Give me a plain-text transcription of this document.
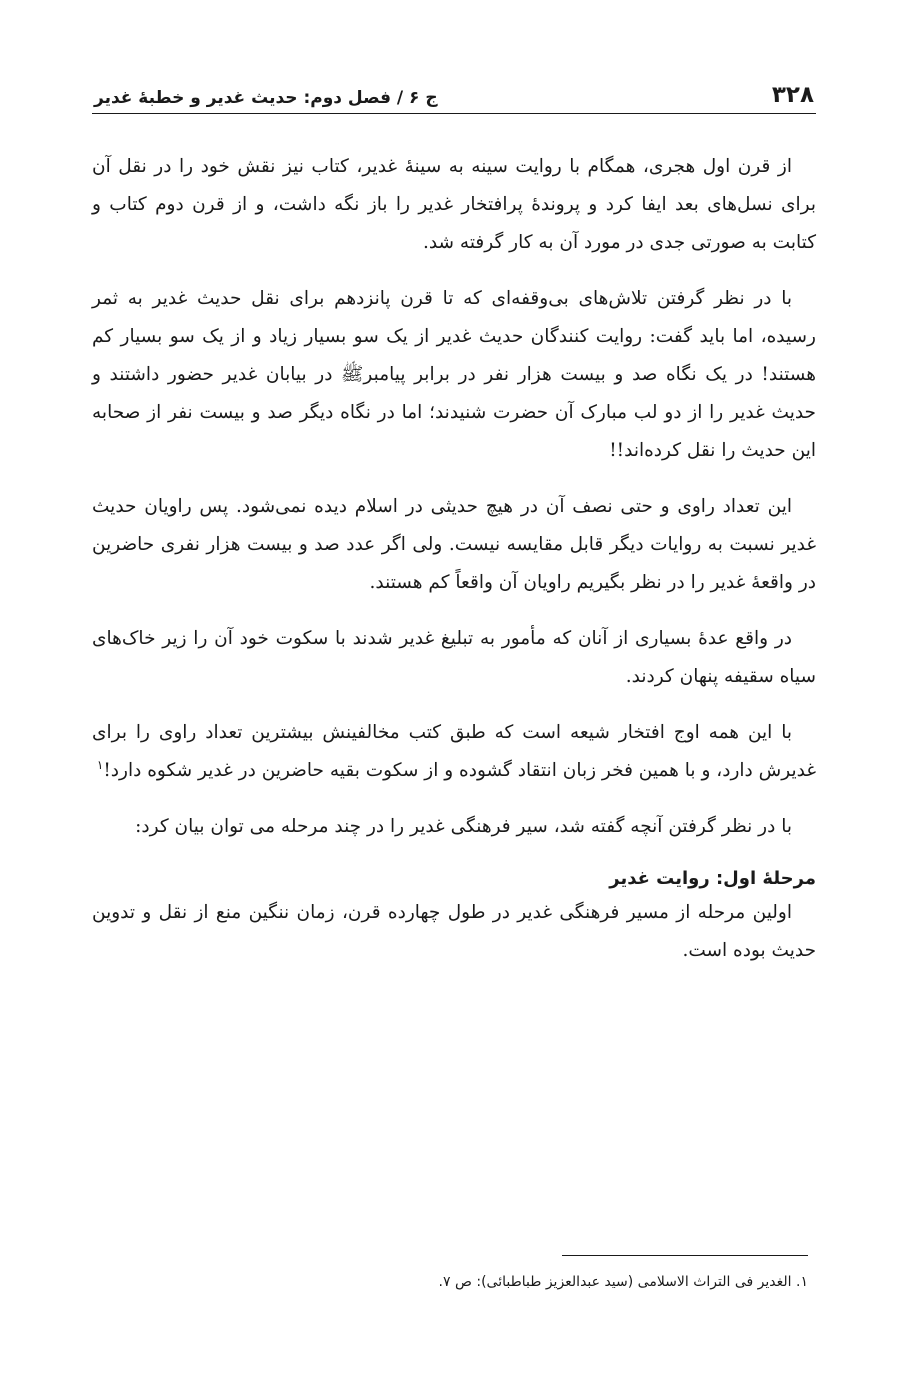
۳۲۸
ج ۶ / فصل دوم: حدیث غدیر و خطبهٔ غدیر

از قرن اول هجری، همگام با روایت سینه به سینهٔ غدیر، کتاب نیز نقش خود را در نقل آن برای نسل‌های بعد ایفا کرد و پروندهٔ پرافتخار غدیر را باز نگه داشت، و از قرن دوم کتاب و کتابت به صورتی جدی در مورد آن به کار گرفته شد.

با در نظر گرفتن تلاش‌های بی‌وقفه‌ای که تا قرن پانزدهم برای نقل حدیث غدیر به ثمر رسیده، اما باید گفت: روایت کنندگان حدیث غدیر از یک سو بسیار زیاد و از یک سو بسیار کم هستند! در یک نگاه صد و بیست هزار نفر در برابر پیامبرﷺ در بیابان غدیر حضور داشتند و حدیث غدیر را از دو لب مبارک آن حضرت شنیدند؛ اما در نگاه دیگر صد و بیست نفر از صحابه این حدیث را نقل کرده‌اند!!

این تعداد راوی و حتی نصف آن در هیچ حدیثی در اسلام دیده نمی‌شود. پس راویان حدیث غدیر نسبت به روایات دیگر قابل مقایسه نیست. ولی اگر عدد صد و بیست هزار نفری حاضرین در واقعهٔ غدیر را در نظر بگیریم راویان آن واقعاً کم هستند.

در واقع عدهٔ بسیاری از آنان که مأمور به تبلیغ غدیر شدند با سکوت خود آن را زیر خاک‌های سیاه سقیفه پنهان کردند.

با این همه اوج افتخار شیعه است که طبق کتب مخالفینش بیشترین تعداد راوی را برای غدیرش دارد، و با همین فخر زبان انتقاد گشوده و از سکوت بقیه حاضرین در غدیر شکوه دارد!$^۱$

با در نظر گرفتن آنچه گفته شد، سیر فرهنگی غدیر را در چند مرحله می توان بیان کرد:

مرحلهٔ اول: روایت غدیر

اولین مرحله از مسیر فرهنگی غدیر در طول چهارده قرن، زمان ننگین منع از نقل و تدوین حدیث بوده است.

۱. الغدیر فی التراث الاسلامی (سید عبدالعزیز طباطبائی): ص ۷.
